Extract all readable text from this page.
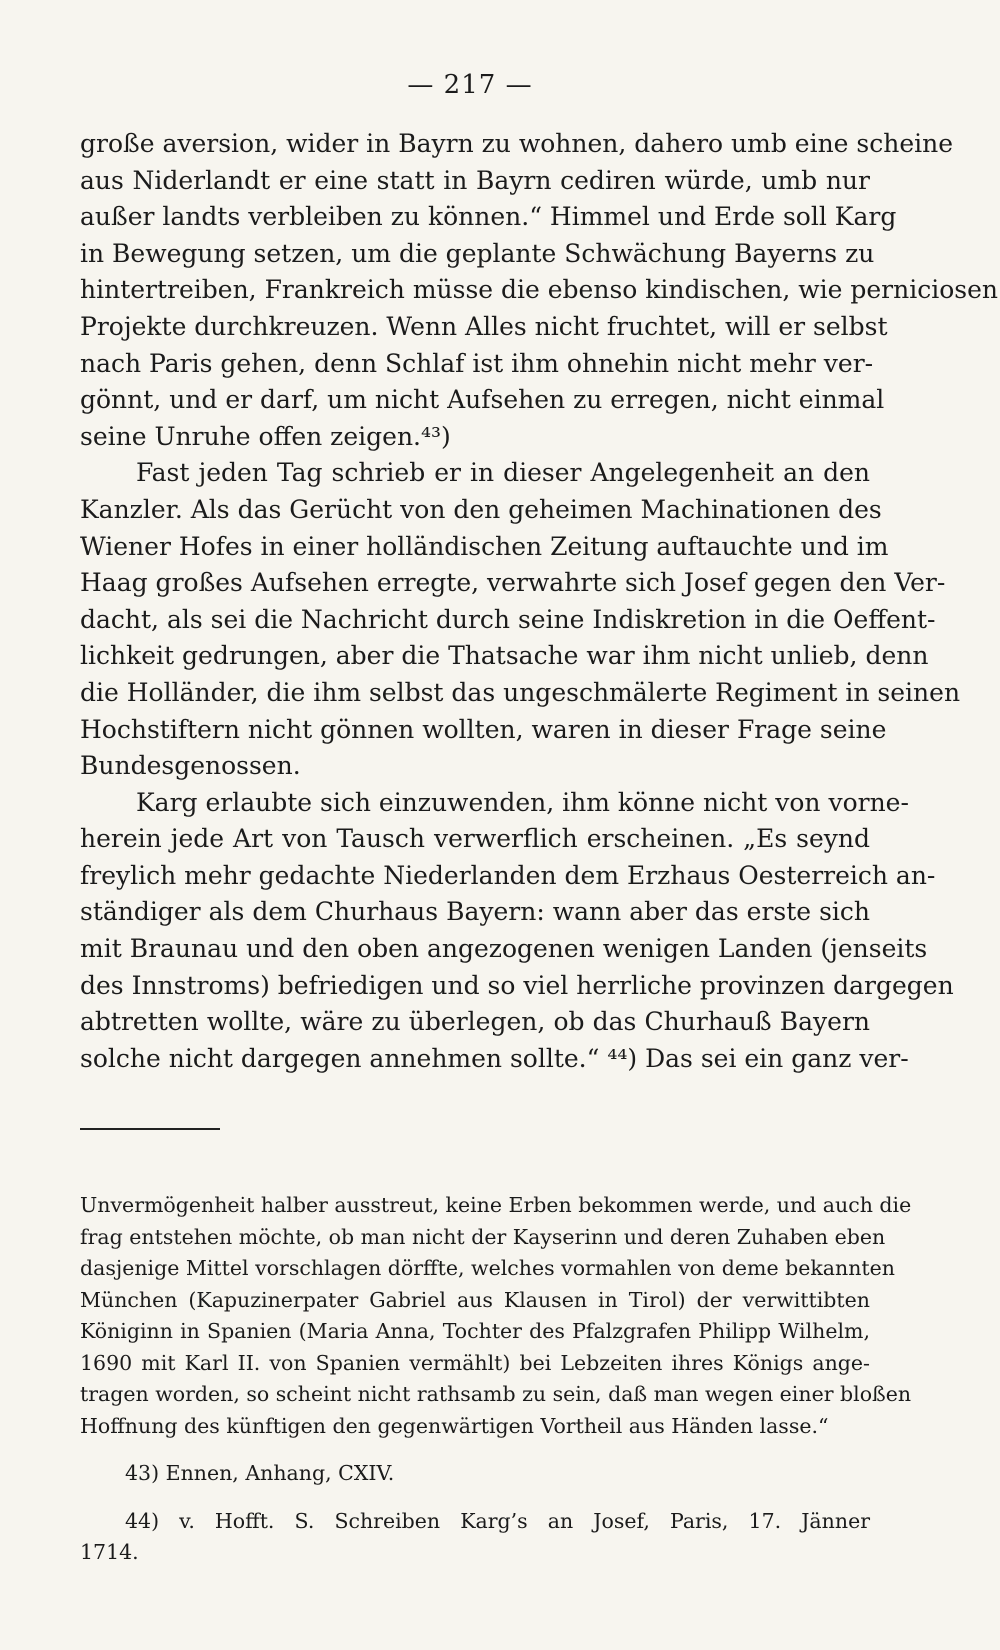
— 217 —
große aversion, wider in Bayrn zu wohnen, dahero umb eine scheine
aus Niderlandt er eine statt in Bayrn cediren würde, umb nur
außer landts verbleiben zu können.“ Himmel und Erde soll Karg
in Bewegung setzen, um die geplante Schwächung Bayerns zu
hintertreiben, Frankreich müsse die ebenso kindischen, wie perniciosen
Projekte durchkreuzen. Wenn Alles nicht fruchtet, will er selbst
nach Paris gehen, denn Schlaf ist ihm ohnehin nicht mehr ver-
gönnt, und er darf, um nicht Aufsehen zu erregen, nicht einmal
seine Unruhe offen zeigen.⁴³)
Fast jeden Tag schrieb er in dieser Angelegenheit an den
Kanzler. Als das Gerücht von den geheimen Machinationen des
Wiener Hofes in einer holländischen Zeitung auftauchte und im
Haag großes Aufsehen erregte, verwahrte sich Josef gegen den Ver-
dacht, als sei die Nachricht durch seine Indiskretion in die Oeffent-
lichkeit gedrungen, aber die Thatsache war ihm nicht unlieb, denn
die Holländer, die ihm selbst das ungeschmälerte Regiment in seinen
Hochstiftern nicht gönnen wollten, waren in dieser Frage seine
Bundesgenossen.
Karg erlaubte sich einzuwenden, ihm könne nicht von vorne-
herein jede Art von Tausch verwerflich erscheinen. „Es seynd
freylich mehr gedachte Niederlanden dem Erzhaus Oesterreich an-
ständiger als dem Churhaus Bayern: wann aber das erste sich
mit Braunau und den oben angezogenen wenigen Landen (jenseits
des Innstroms) befriedigen und so viel herrliche provinzen dargegen
abtretten wollte, wäre zu überlegen, ob das Churhauß Bayern
solche nicht dargegen annehmen sollte.“ ⁴⁴) Das sei ein ganz ver-
Unvermögenheit halber ausstreut, keine Erben bekommen werde, und auch die
frag entstehen möchte, ob man nicht der Kayserinn und deren Zuhaben eben
dasjenige Mittel vorschlagen dörffte, welches vormahlen von deme bekannten
München (Kapuzinerpater Gabriel aus Klausen in Tirol) der verwittibten
Königinn in Spanien (Maria Anna, Tochter des Pfalzgrafen Philipp Wilhelm,
1690 mit Karl II. von Spanien vermählt) bei Lebzeiten ihres Königs ange-
tragen worden, so scheint nicht rathsamb zu sein, daß man wegen einer bloßen
Hoffnung des künftigen den gegenwärtigen Vortheil aus Händen lasse.“
43) Ennen, Anhang, CXIV.
44) v. Hofft. S. Schreiben Karg’s an Josef, Paris, 17. Jänner
1714.
